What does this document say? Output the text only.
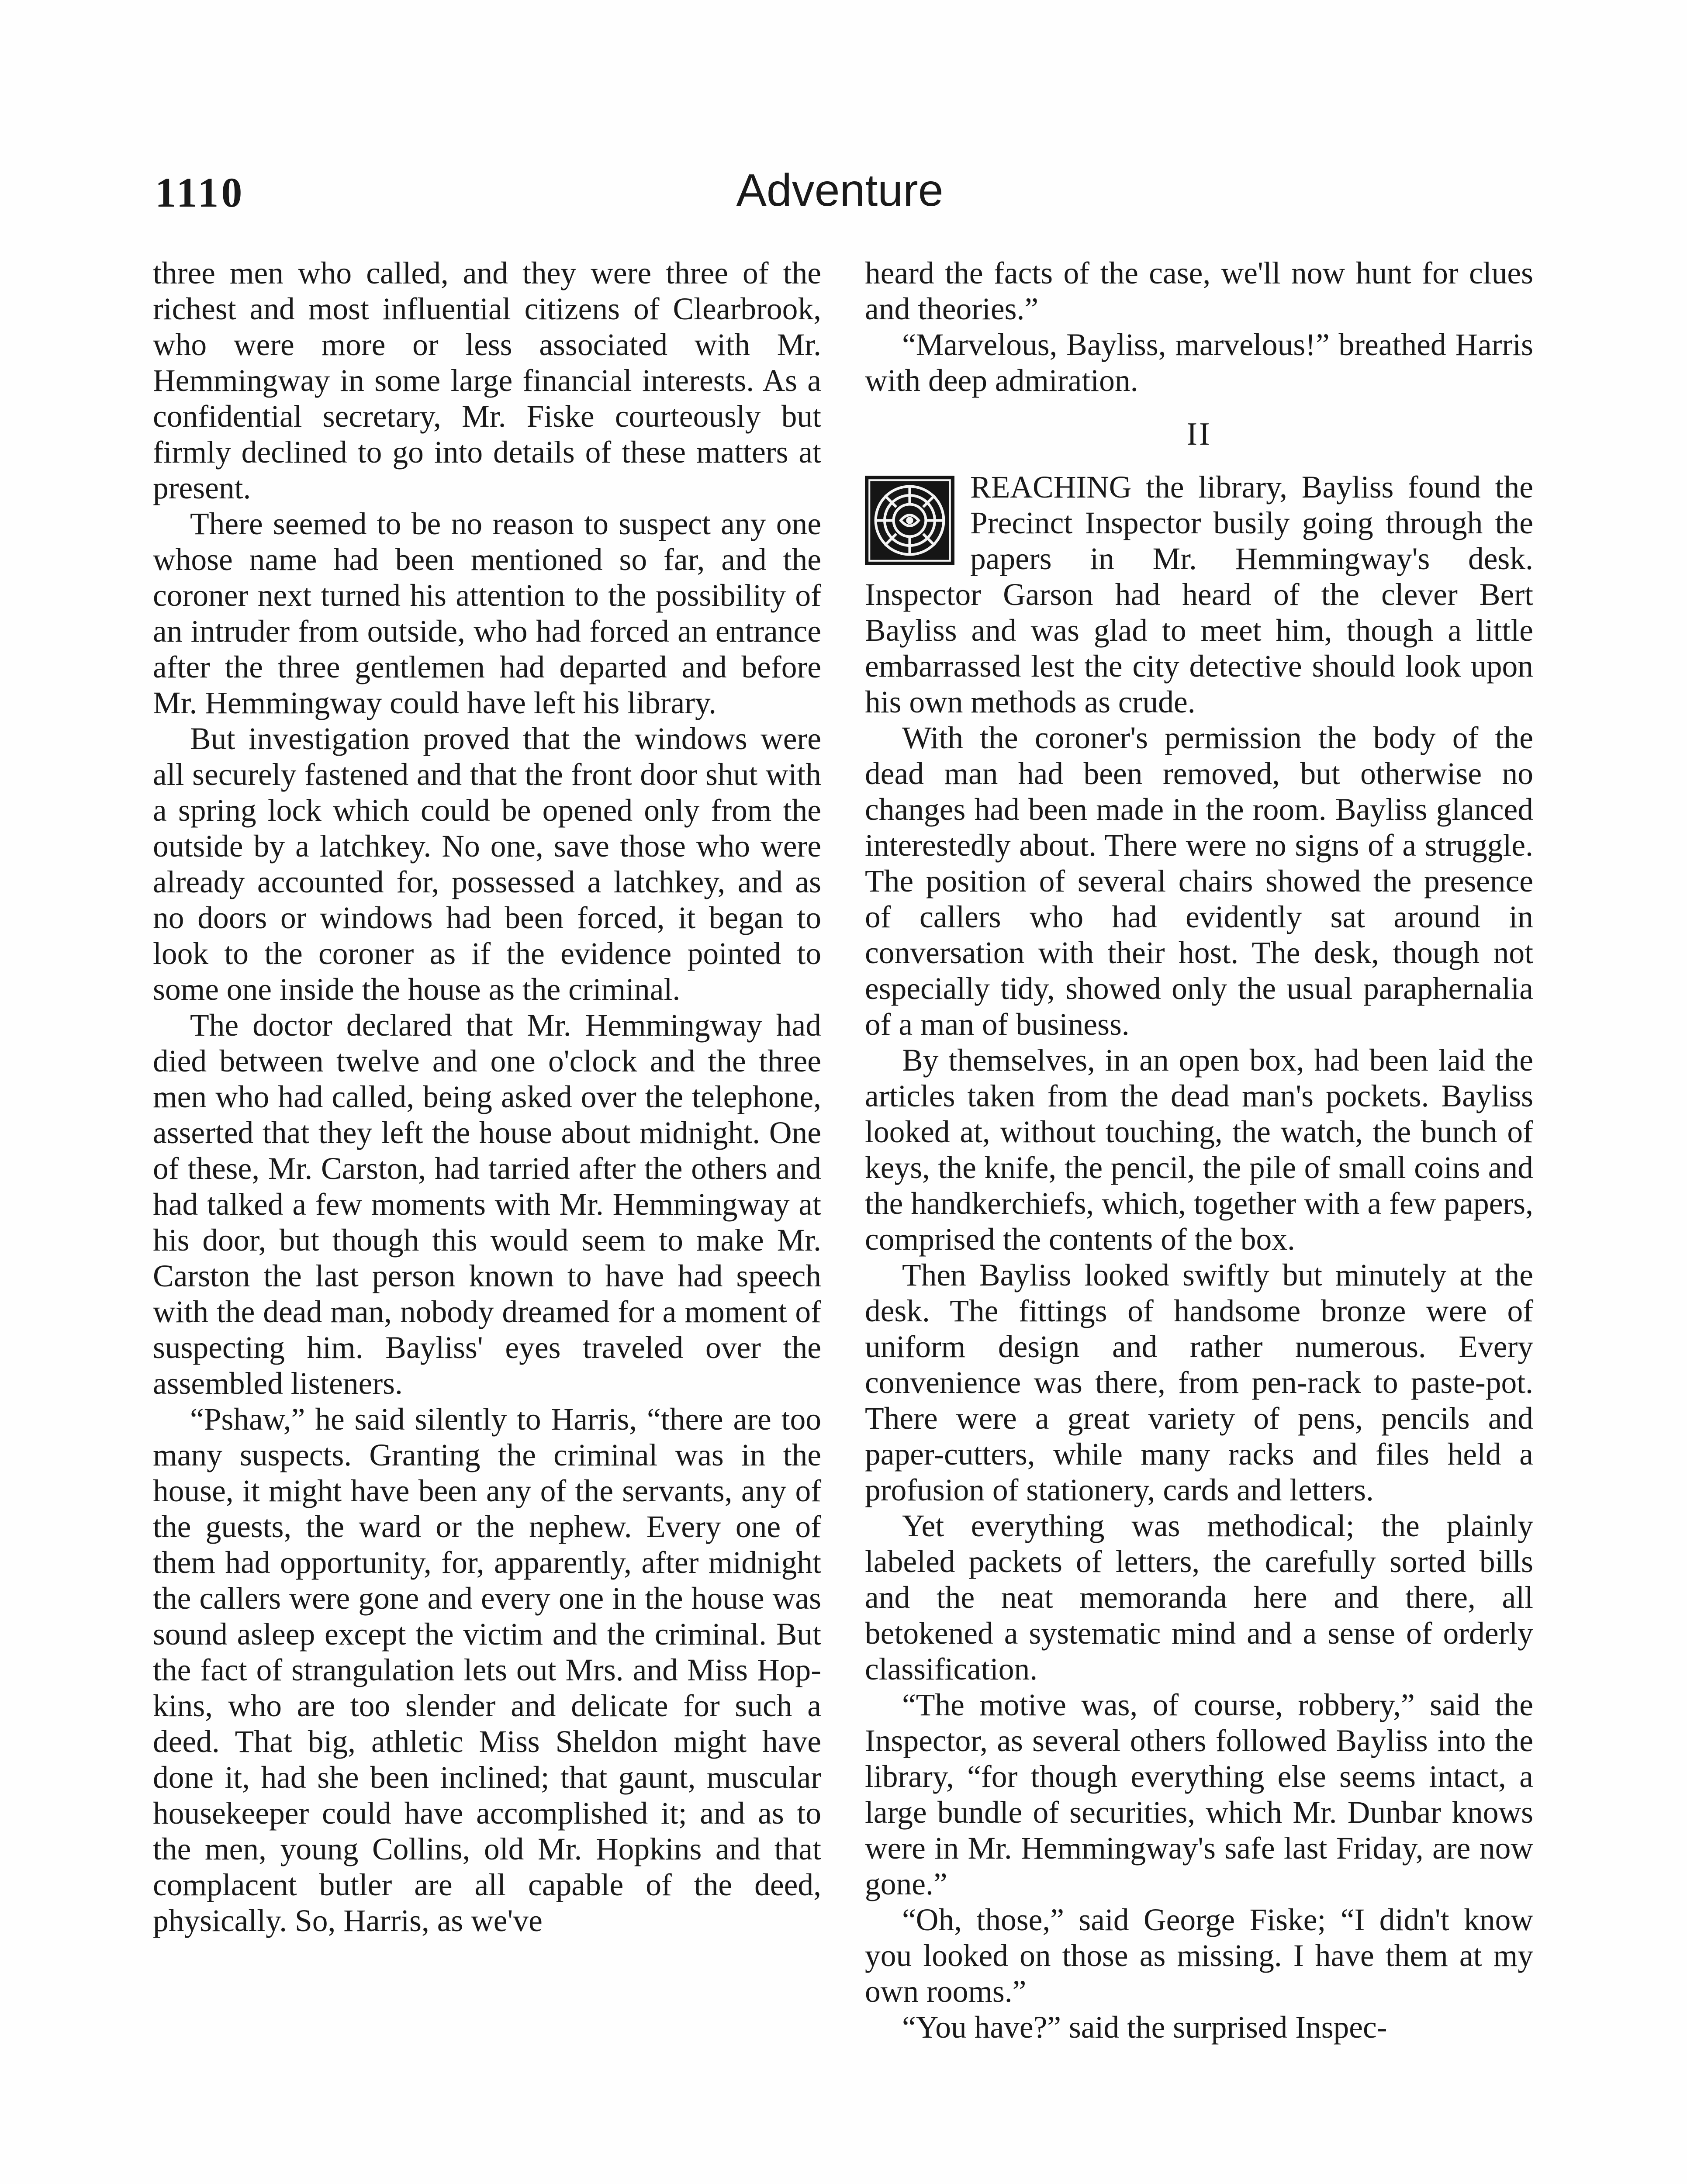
1110	Adventure

three men who called, and they were three of the richest and most influential citizens of Clearbrook, who were more or less associated with Mr. Hemmingway in some large financial interests. As a confidential secretary, Mr. Fiske courteously but firmly declined to go into details of these matters at present.

There seemed to be no reason to suspect any one whose name had been mentioned so far, and the coroner next turned his attention to the possibility of an intruder from outside, who had forced an entrance after the three gentlemen had departed and before Mr. Hemmingway could have left his library.

But investigation proved that the windows were all securely fastened and that the front door shut with a spring lock which could be opened only from the outside by a latchkey. No one, save those who were already accounted for, possessed a latchkey, and as no doors or windows had been forced, it began to look to the coroner as if the evidence pointed to some one inside the house as the criminal.

The doctor declared that Mr. Hemmingway had died between twelve and one o'clock and the three men who had called, being asked over the telephone, asserted that they left the house about midnight. One of these, Mr. Carston, had tarried after the others and had talked a few moments with Mr. Hemmingway at his door, but though this would seem to make Mr. Carston the last person known to have had speech with the dead man, nobody dreamed for a moment of suspecting him. Bayliss' eyes traveled over the assembled listeners.

“Pshaw,” he said silently to Harris, “there are too many suspects. Granting the criminal was in the house, it might have been any of the servants, any of the guests, the ward or the nephew. Every one of them had opportunity, for, apparently, after midnight the callers were gone and every one in the house was sound asleep except the victim and the criminal. But the fact of strangulation lets out Mrs. and Miss Hopkins, who are too slender and delicate for such a deed. That big, athletic Miss Sheldon might have done it, had she been inclined; that gaunt, muscular housekeeper could have accomplished it; and as to the men, young Collins, old Mr. Hopkins and that complacent butler are all capable of the deed, physically. So, Harris, as we've

heard the facts of the case, we'll now hunt for clues and theories.”

“Marvelous, Bayliss, marvelous!” breathed Harris with deep admiration.

II

REACHING the library, Bayliss found the Precinct Inspector busily going through the papers in Mr. Hemmingway's desk. Inspector Garson had heard of the clever Bert Bayliss and was glad to meet him, though a little embarrassed lest the city detective should look upon his own methods as crude.

With the coroner's permission the body of the dead man had been removed, but otherwise no changes had been made in the room. Bayliss glanced interestedly about. There were no signs of a struggle. The position of several chairs showed the presence of callers who had evidently sat around in conversation with their host. The desk, though not especially tidy, showed only the usual paraphernalia of a man of business.

By themselves, in an open box, had been laid the articles taken from the dead man's pockets. Bayliss looked at, without touching, the watch, the bunch of keys, the knife, the pencil, the pile of small coins and the handkerchiefs, which, together with a few papers, comprised the contents of the box.

Then Bayliss looked swiftly but minutely at the desk. The fittings of handsome bronze were of uniform design and rather numerous. Every convenience was there, from pen-rack to paste-pot. There were a great variety of pens, pencils and paper-cutters, while many racks and files held a profusion of stationery, cards and letters.

Yet everything was methodical; the plainly labeled packets of letters, the carefully sorted bills and the neat memoranda here and there, all betokened a systematic mind and a sense of orderly classification.

“The motive was, of course, robbery,” said the Inspector, as several others followed Bayliss into the library, “for though everything else seems intact, a large bundle of securities, which Mr. Dunbar knows were in Mr. Hemmingway's safe last Friday, are now gone.”

“Oh, those,” said George Fiske; “I didn't know you looked on those as missing. I have them at my own rooms.”

“You have?” said the surprised Inspec-
